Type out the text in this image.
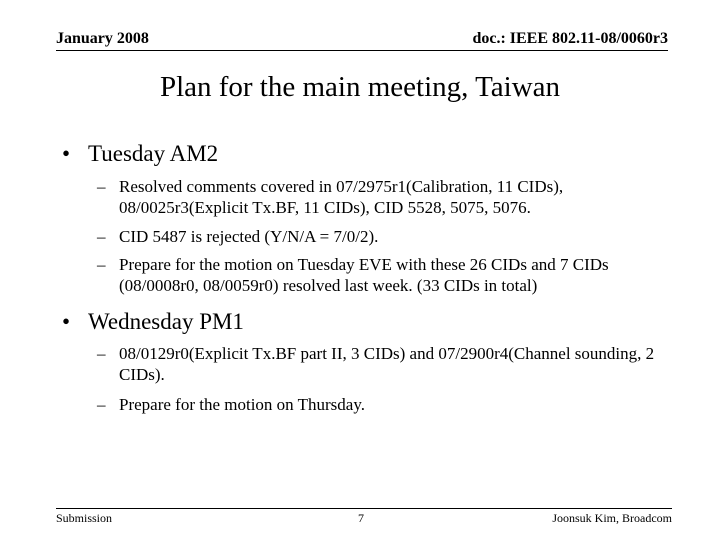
January 2008	doc.: IEEE 802.11-08/0060r3
Plan for the main meeting, Taiwan
• Tuesday AM2
– Resolved comments covered in 07/2975r1(Calibration, 11 CIDs), 08/0025r3(Explicit Tx.BF, 11 CIDs), CID 5528, 5075, 5076.
– CID 5487 is rejected (Y/N/A = 7/0/2).
– Prepare for the motion on Tuesday EVE with these 26 CIDs and 7 CIDs (08/0008r0, 08/0059r0) resolved last week. (33 CIDs in total)
• Wednesday PM1
– 08/0129r0(Explicit Tx.BF part II, 3 CIDs) and 07/2900r4(Channel sounding, 2 CIDs).
– Prepare for the motion on Thursday.
Submission	7	Joonsuk Kim, Broadcom
